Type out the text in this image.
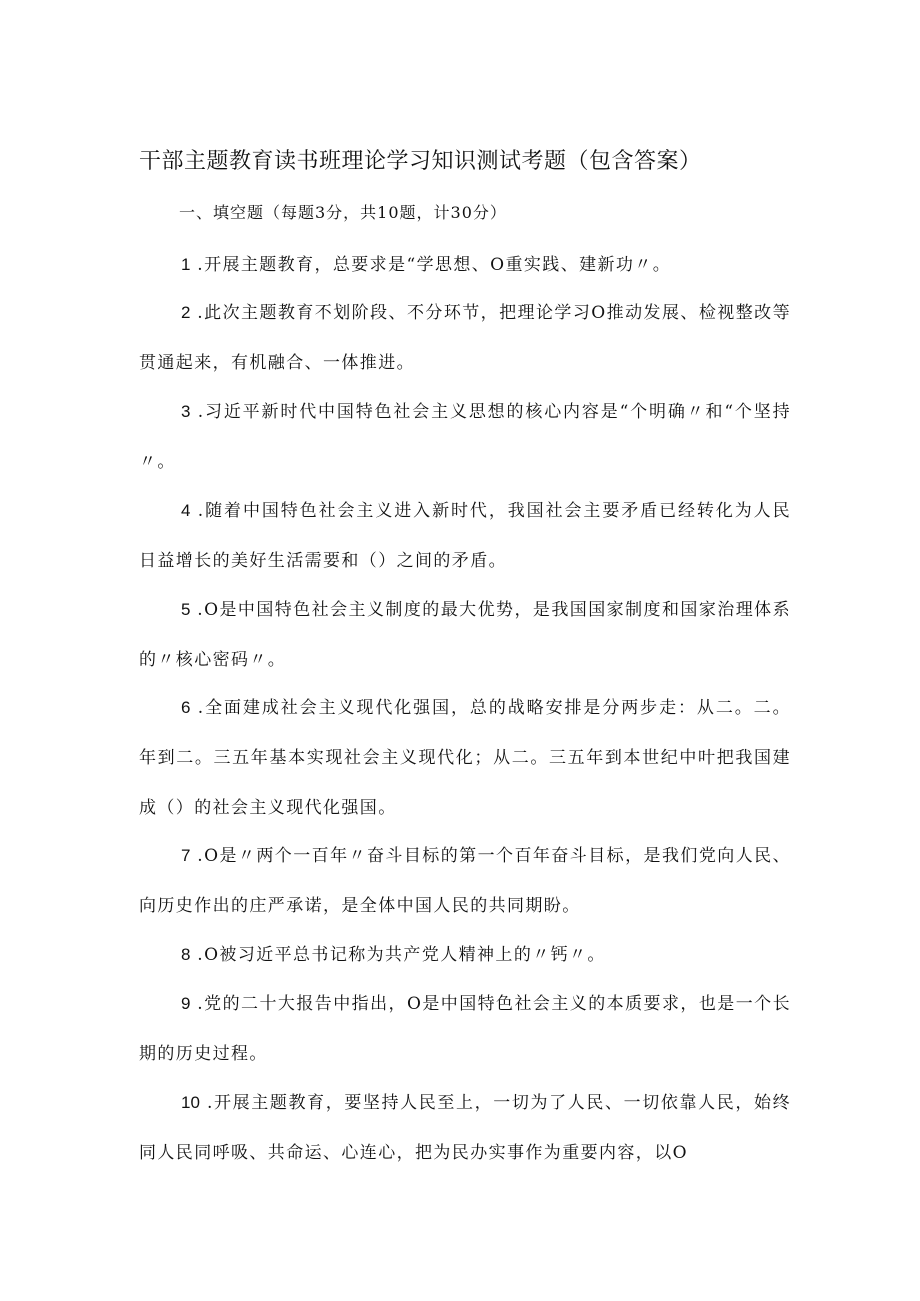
干部主题教育读书班理论学习知识测试考题（包含答案）
一、填空题（每题3分，共10题，计30分）
1 .开展主题教育，总要求是“学思想、O重实践、建新功〃。
2 .此次主题教育不划阶段、不分环节，把理论学习O推动发展、检视整改等贯通起来，有机融合、一体推进。
3 .习近平新时代中国特色社会主义思想的核心内容是“个明确〃和“个坚持〃。
4 .随着中国特色社会主义进入新时代，我国社会主要矛盾已经转化为人民日益增长的美好生活需要和（）之间的矛盾。
5 .O是中国特色社会主义制度的最大优势，是我国国家制度和国家治理体系的〃核心密码〃。
6 .全面建成社会主义现代化强国，总的战略安排是分两步走：从二。二。年到二。三五年基本实现社会主义现代化；从二。三五年到本世纪中叶把我国建成（）的社会主义现代化强国。
7 .O是〃两个一百年〃奋斗目标的第一个百年奋斗目标，是我们党向人民、向历史作出的庄严承诺，是全体中国人民的共同期盼。
8 .O被习近平总书记称为共产党人精神上的〃钙〃。
9 .党的二十大报告中指出，O是中国特色社会主义的本质要求，也是一个长期的历史过程。
10 .开展主题教育，要坚持人民至上，一切为了人民、一切依靠人民，始终同人民同呼吸、共命运、心连心，把为民办实事作为重要内容，以O
